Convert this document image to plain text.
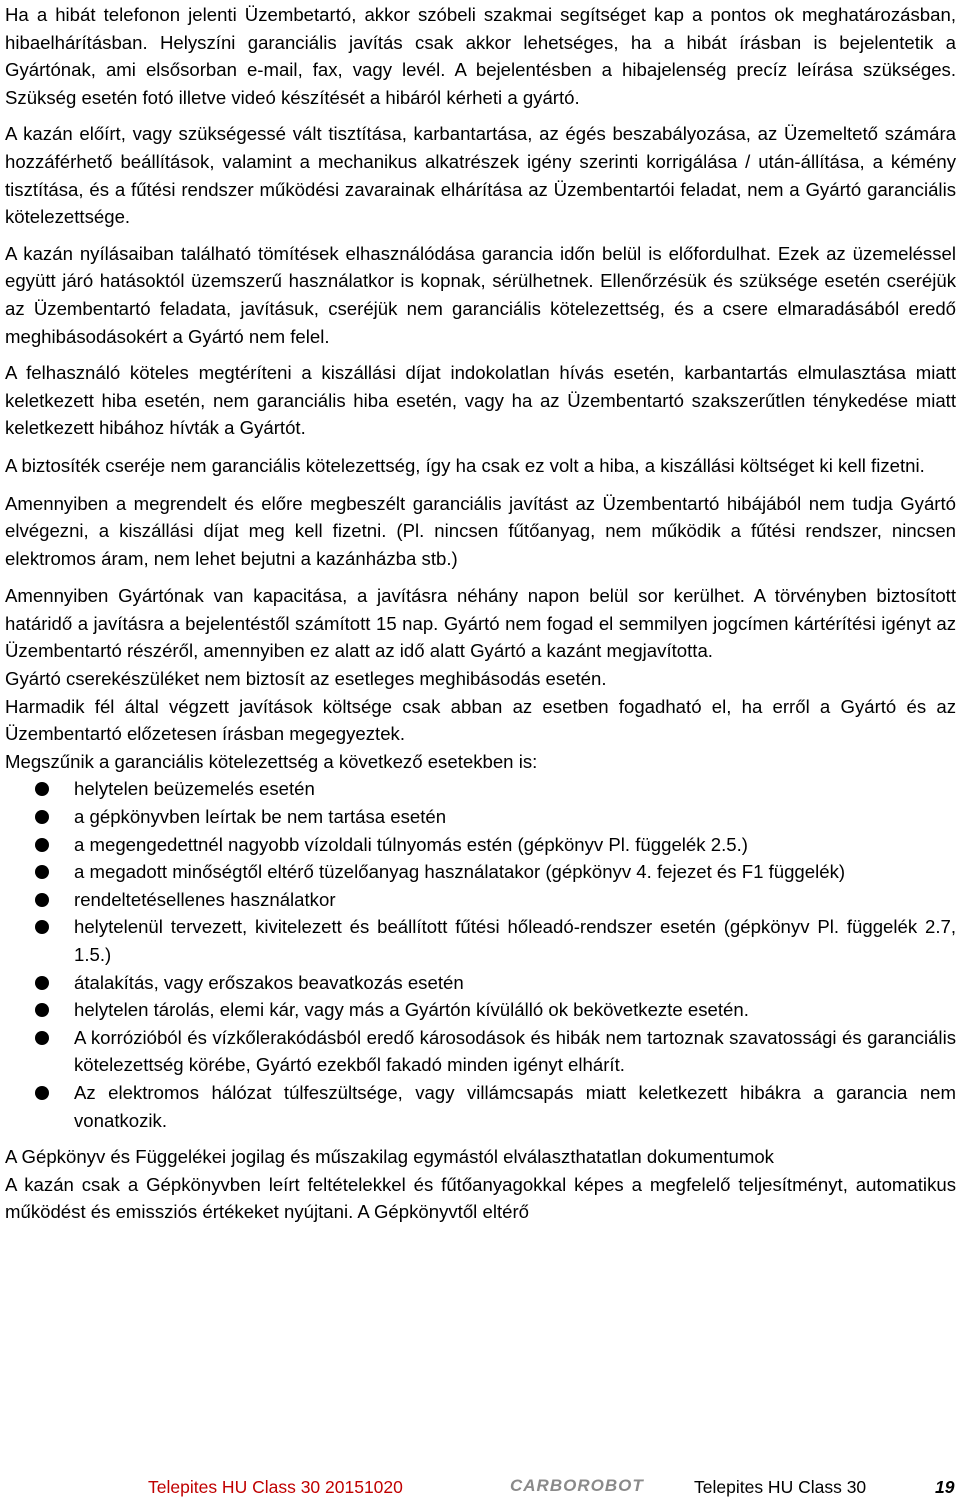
Ha a hibát telefonon jelenti Üzembetartó, akkor szóbeli szakmai segítséget kap a pontos ok meghatározásban, hibaelhárításban. Helyszíni garanciális javítás csak akkor lehetséges, ha a hibát írásban is bejelentetik a Gyártónak, ami elsősorban e-mail, fax, vagy levél. A bejelentésben a hibajelenség precíz leírása szükséges. Szükség esetén fotó illetve videó készítését a hibáról kérheti a gyártó.

A kazán előírt, vagy szükségessé vált tisztítása, karbantartása, az égés beszabályozása, az Üzemeltető számára hozzáférhető beállítások, valamint a mechanikus alkatrészek igény szerinti korrigálása / után-állítása, a kémény tisztítása, és a fűtési rendszer működési zavarainak elhárítása az Üzembentartói feladat, nem a Gyártó garanciális kötelezettsége.

A kazán nyílásaiban található tömítések elhasználódása garancia időn belül is előfordulhat. Ezek az üzemeléssel együtt járó hatásoktól üzemszerű használatkor is kopnak, sérülhetnek. Ellenőrzésük és szüksége esetén cseréjük az Üzembentartó feladata, javításuk, cseréjük nem garanciális kötelezettség, és a csere elmaradásából eredő meghibásodásokért a Gyártó nem felel.

A felhasználó köteles megtéríteni a kiszállási díjat indokolatlan hívás esetén, karbantartás elmulasztása miatt keletkezett hiba esetén, nem garanciális hiba esetén, vagy ha az Üzembentartó szakszerűtlen ténykedése miatt keletkezett hibához hívták a Gyártót.

A biztosíték cseréje nem garanciális kötelezettség, így ha csak ez volt a hiba, a kiszállási költséget ki kell fizetni.

Amennyiben a megrendelt és előre megbeszélt garanciális javítást az Üzembentartó hibájából nem tudja Gyártó elvégezni, a kiszállási díjat meg kell fizetni. (Pl. nincsen fűtőanyag, nem működik a fűtési rendszer, nincsen elektromos áram, nem lehet bejutni a kazánházba stb.)

Amennyiben Gyártónak van kapacitása, a javításra néhány napon belül sor kerülhet. A törvényben biztosított határidő a javításra a bejelentéstől számított 15 nap. Gyártó nem fogad el semmilyen jogcímen kártérítési igényt az Üzembentartó részéről, amennyiben ez alatt az idő alatt Gyártó a kazánt megjavította.

Gyártó cserekészüléket nem biztosít az esetleges meghibásodás esetén.

Harmadik fél által végzett javítások költsége csak abban az esetben fogadható el, ha erről a Gyártó és az Üzembentartó előzetesen írásban megegyeztek.

Megszűnik a garanciális kötelezettség a következő esetekben is:

helytelen beüzemelés esetén
a gépkönyvben leírtak be nem tartása esetén
a megengedettnél nagyobb vízoldali túlnyomás estén (gépkönyv Pl. függelék 2.5.)
a megadott minőségtől eltérő tüzelőanyag használatakor (gépkönyv 4. fejezet és F1 függelék)
rendeltetésellenes használatkor
helytelenül tervezett, kivitelezett és beállított fűtési hőleadó-rendszer esetén (gépkönyv Pl. függelék 2.7, 1.5.)
átalakítás, vagy erőszakos beavatkozás esetén
helytelen tárolás, elemi kár, vagy más a Gyártón kívülálló ok bekövetkezte esetén.
A korrózióból és vízkőlerakódásból eredő károsodások és hibák nem tartoznak szavatossági és garanciális kötelezettség körébe, Gyártó ezekből fakadó minden igényt elhárít.
Az elektromos hálózat túlfeszültsége, vagy villámcsapás miatt keletkezett hibákra a garancia nem vonatkozik.

A Gépkönyv és Függelékei jogilag és műszakilag egymástól elválaszthatatlan dokumentumok

A kazán csak a Gépkönyvben leírt feltételekkel és fűtőanyagokkal képes a megfelelő teljesítményt, automatikus működést és emissziós értékeket nyújtani. A Gépkönyvtől eltérő

Telepites HU Class 30 20151020	CARBOROBOT	Telepites HU Class 30	19
